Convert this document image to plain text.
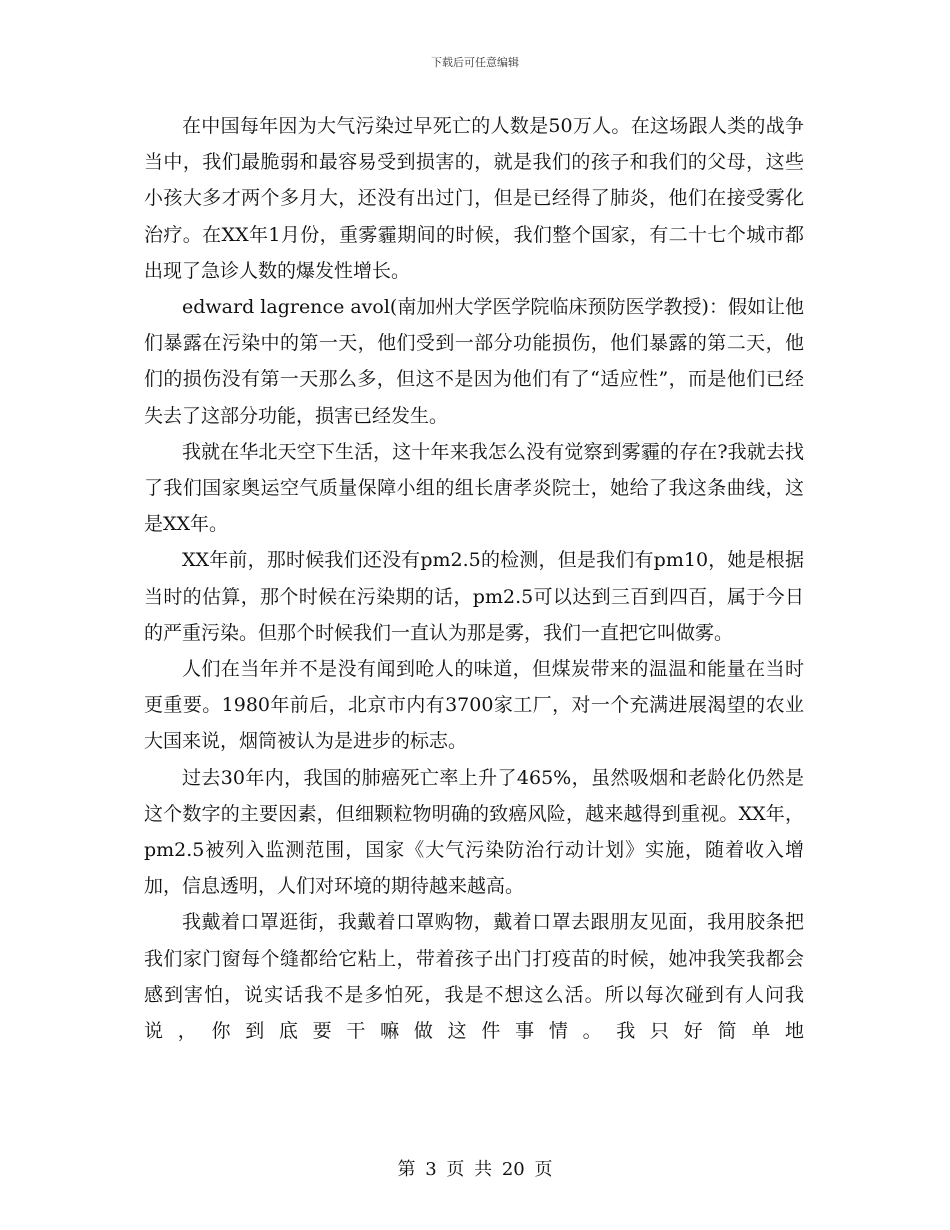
下载后可任意编辑

在中国每年因为大气污染过早死亡的人数是50万人。在这场跟人类的战争当中，我们最脆弱和最容易受到损害的，就是我们的孩子和我们的父母，这些小孩大多才两个多月大，还没有出过门，但是已经得了肺炎，他们在接受雾化治疗。在XX年1月份，重雾霾期间的时候，我们整个国家，有二十七个城市都出现了急诊人数的爆发性增长。

edward lagrence avol(南加州大学医学院临床预防医学教授)：假如让他们暴露在污染中的第一天，他们受到一部分功能损伤，他们暴露的第二天，他们的损伤没有第一天那么多，但这不是因为他们有了“适应性”，而是他们已经失去了这部分功能，损害已经发生。

我就在华北天空下生活，这十年来我怎么没有觉察到雾霾的存在?我就去找了我们国家奥运空气质量保障小组的组长唐孝炎院士，她给了我这条曲线，这是XX年。

XX年前，那时候我们还没有pm2.5的检测，但是我们有pm10，她是根据当时的估算，那个时候在污染期的话，pm2.5可以达到三百到四百，属于今日的严重污染。但那个时候我们一直认为那是雾，我们一直把它叫做雾。

人们在当年并不是没有闻到呛人的味道，但煤炭带来的温温和能量在当时更重要。1980年前后，北京市内有3700家工厂，对一个充满进展渴望的农业大国来说，烟筒被认为是进步的标志。

过去30年内，我国的肺癌死亡率上升了465%，虽然吸烟和老龄化仍然是这个数字的主要因素，但细颗粒物明确的致癌风险，越来越得到重视。XX年，pm2.5被列入监测范围，国家《大气污染防治行动计划》实施，随着收入增加，信息透明，人们对环境的期待越来越高。

我戴着口罩逛街，我戴着口罩购物，戴着口罩去跟朋友见面，我用胶条把我们家门窗每个缝都给它粘上，带着孩子出门打疫苗的时候，她冲我笑我都会感到害怕，说实话我不是多怕死，我是不想这么活。所以每次碰到有人问我说，你到底要干嘛做这件事情。我只好简单地

第 3 页 共 20 页
